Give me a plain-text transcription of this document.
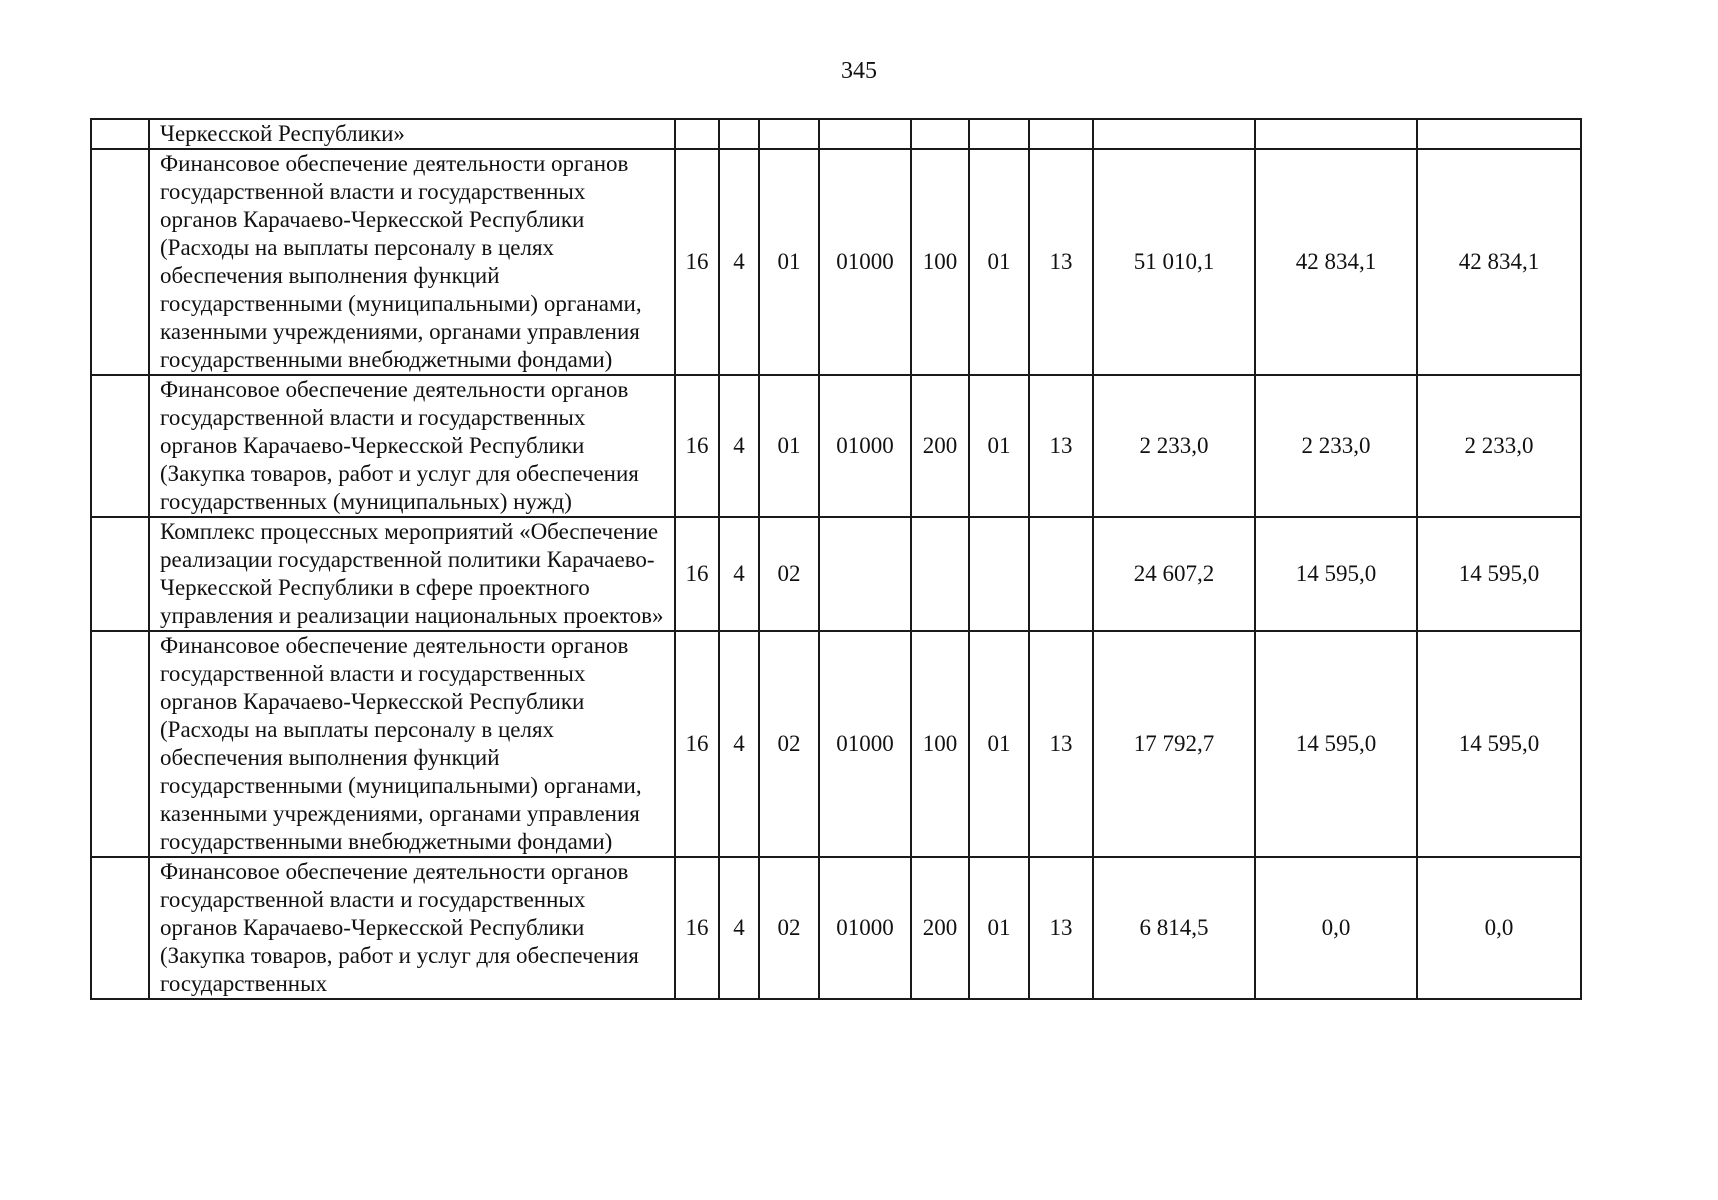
345
	Черкесской Республики»										
	Финансовое обеспечение деятельности органов государственной власти и государственных органов Карачаево-Черкесской Республики (Расходы на выплаты персоналу в целях обеспечения выполнения функций государственными (муниципальными) органами, казенными учреждениями, органами управления государственными внебюджетными фондами)	16	4	01	01000	100	01	13	51 010,1	42 834,1	42 834,1
	Финансовое обеспечение деятельности органов государственной власти и государственных органов Карачаево-Черкесской Республики (Закупка товаров, работ и услуг для обеспечения государственных (муниципальных) нужд)	16	4	01	01000	200	01	13	2 233,0	2 233,0	2 233,0
	Комплекс процессных мероприятий «Обеспечение реализации государственной политики Карачаево-Черкесской Республики в сфере проектного управления и реализации национальных проектов»	16	4	02					24 607,2	14 595,0	14 595,0
	Финансовое обеспечение деятельности органов государственной власти и государственных органов Карачаево-Черкесской Республики (Расходы на выплаты персоналу в целях обеспечения выполнения функций государственными (муниципальными) органами, казенными учреждениями, органами управления государственными внебюджетными фондами)	16	4	02	01000	100	01	13	17 792,7	14 595,0	14 595,0
	Финансовое обеспечение деятельности органов государственной власти и государственных органов Карачаево-Черкесской Республики (Закупка товаров, работ и услуг для обеспечения государственных	16	4	02	01000	200	01	13	6 814,5	0,0	0,0
